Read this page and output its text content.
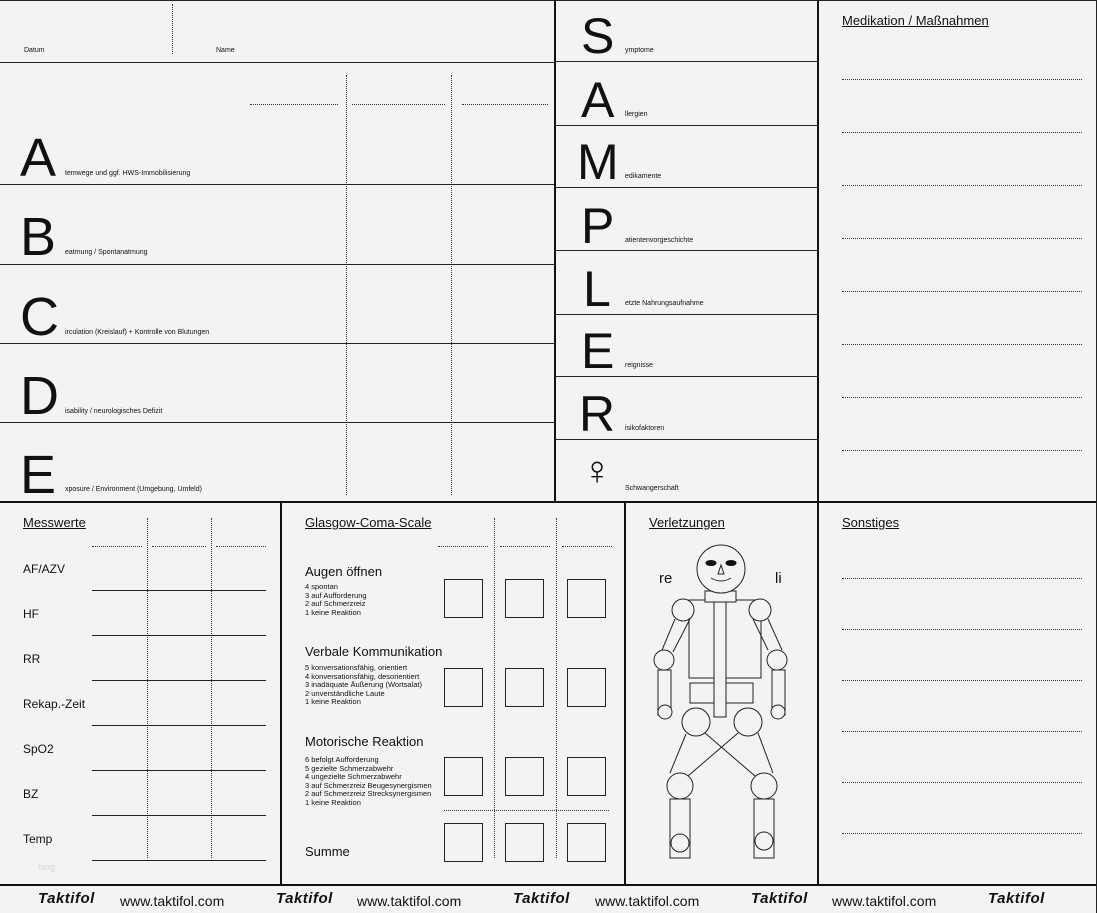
Datum	Name
A temwege und ggf. HWS-Immobilisierung
B eatmung / Spontanatmung
C irculation (Kreislauf) + Kontrolle von Blutungen
D isability / neurologisches Defizit
E xposure / Environment (Umgebung, Umfeld)
S ymptome
A llergien
M edikamente
P atientenvorgeschichte
L etzte Nahrungsaufnahme
E reignisse
R isikofaktoren
♀ Schwangerschaft
Medikation / Maßnahmen
Messwerte
AF/AZV
HF
RR
Rekap.-Zeit
SpO2
BZ
Temp
blog
Glasgow-Coma-Scale
Augen öffnen
4 spontan
3 auf Aufforderung
2 auf Schmerzreiz
1 keine Reaktion
Verbale Kommunikation
5 konversationsfähig, orientiert
4 konversationsfähig, desorientiert
3 inadäquate Äußerung (Wortsalat)
2 unverständliche Laute
1 keine Reaktion
Motorische Reaktion
6 befolgt Aufforderung
5 gezielte Schmerzabwehr
4 ungezielte Schmerzabwehr
3 auf Schmerzreiz Beugesynergismen
2 auf Schmerzreiz Strecksynergismen
1 keine Reaktion
Summe
Verletzungen
re	li
Sonstiges
Taktifol www.taktifol.com	Taktifol www.taktifol.com	Taktifol www.taktifol.com	Taktifol www.taktifol.com	Taktifol
